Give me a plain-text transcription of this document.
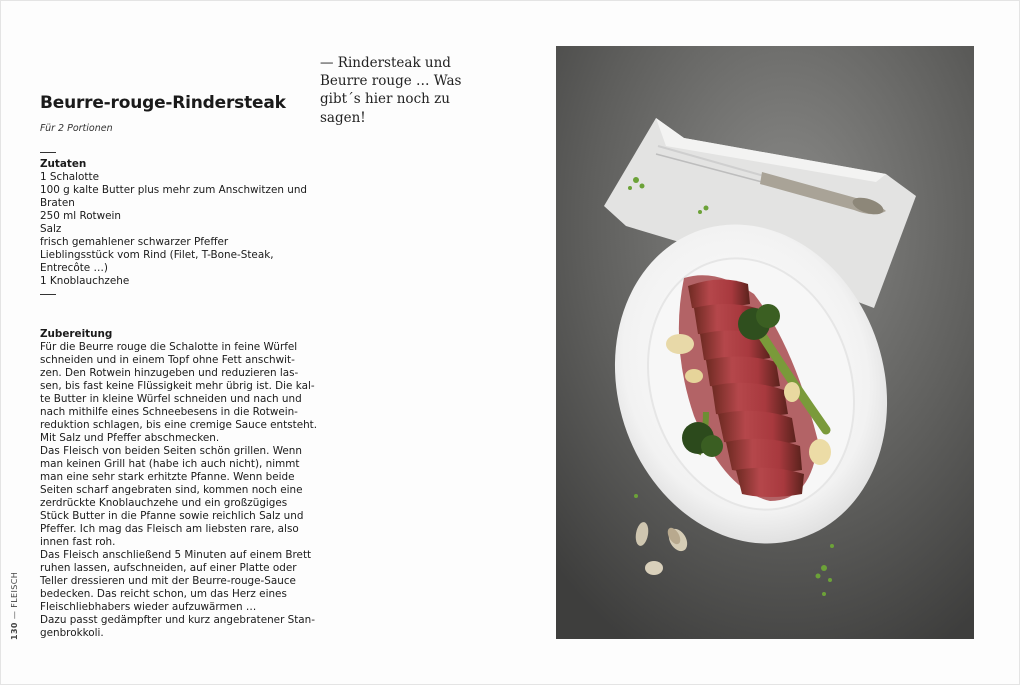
Beurre-rouge-Rindersteak
Für 2 Portionen
Zutaten
1 Schalotte
100 g kalte Butter plus mehr zum Anschwitzen und
Braten
250 ml Rotwein
Salz
frisch gemahlener schwarzer Pfeffer
Lieblingsstück vom Rind (Filet, T-Bone-Steak,
Entrecôte …)
1 Knoblauchzehe
Zubereitung
Für die Beurre rouge die Schalotte in feine Würfel
schneiden und in einem Topf ohne Fett anschwit-
zen. Den Rotwein hinzugeben und reduzieren las-
sen, bis fast keine Flüssigkeit mehr übrig ist. Die kal-
te Butter in kleine Würfel schneiden und nach und
nach mithilfe eines Schneebesens in die Rotwein-
reduktion schlagen, bis eine cremige Sauce entsteht.
Mit Salz und Pfeffer abschmecken.
Das Fleisch von beiden Seiten schön grillen. Wenn
man keinen Grill hat (habe ich auch nicht), nimmt
man eine sehr stark erhitzte Pfanne. Wenn beide
Seiten scharf angebraten sind, kommen noch eine
zerdrückte Knoblauchzehe und ein großzügiges
Stück Butter in die Pfanne sowie reichlich Salz und
Pfeffer. Ich mag das Fleisch am liebsten rare, also
innen fast roh.
Das Fleisch anschließend 5 Minuten auf einem Brett
ruhen lassen, aufschneiden, auf einer Platte oder
Teller dressieren und mit der Beurre-rouge-Sauce
bedecken. Das reicht schon, um das Herz eines
Fleischliebhabers wieder aufzuwärmen …
Dazu passt gedämpfter und kurz angebratener Stan-
genbrokkoli.
— Rindersteak und
Beurre rouge … Was
gibt´s hier noch zu
sagen!
130 — FLEISCH
